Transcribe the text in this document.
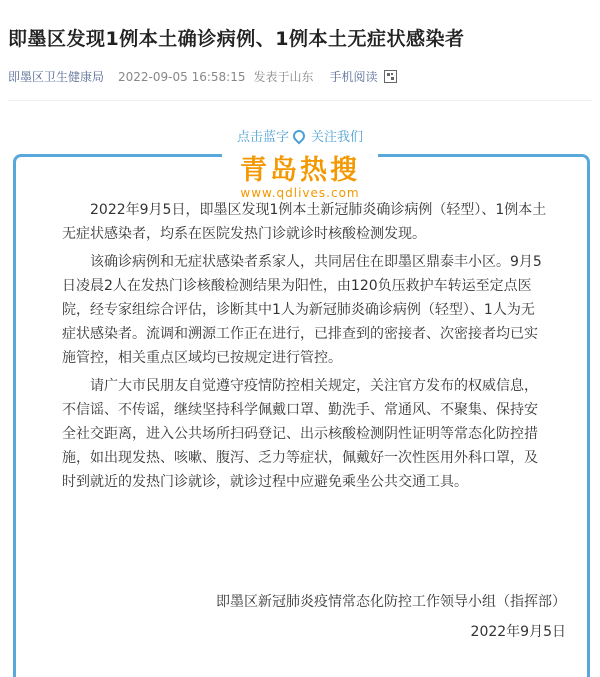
即墨区发现1例本土确诊病例、1例本土无症状感染者
即墨区卫生健康局 2022-09-05 16:58:15 发表于山东 手机阅读
点击蓝字 关注我们
青岛热搜
www.qdlives.com

2022年9月5日，即墨区发现1例本土新冠肺炎确诊病例（轻型）、1例本土无症状感染者，均系在医院发热门诊就诊时核酸检测发现。

该确诊病例和无症状感染者系家人，共同居住在即墨区鼎泰丰小区。9月5日凌晨2人在发热门诊核酸检测结果为阳性，由120负压救护车转运至定点医院，经专家组综合评估，诊断其中1人为新冠肺炎确诊病例（轻型）、1人为无症状感染者。流调和溯源工作正在进行，已排查到的密接者、次密接者均已实施管控，相关重点区域均已按规定进行管控。

请广大市民朋友自觉遵守疫情防控相关规定，关注官方发布的权威信息，不信谣、不传谣，继续坚持科学佩戴口罩、勤洗手、常通风、不聚集、保持安全社交距离，进入公共场所扫码登记、出示核酸检测阴性证明等常态化防控措施，如出现发热、咳嗽、腹泻、乏力等症状，佩戴好一次性医用外科口罩，及时到就近的发热门诊就诊，就诊过程中应避免乘坐公共交通工具。

即墨区新冠肺炎疫情常态化防控工作领导小组（指挥部）
2022年9月5日
